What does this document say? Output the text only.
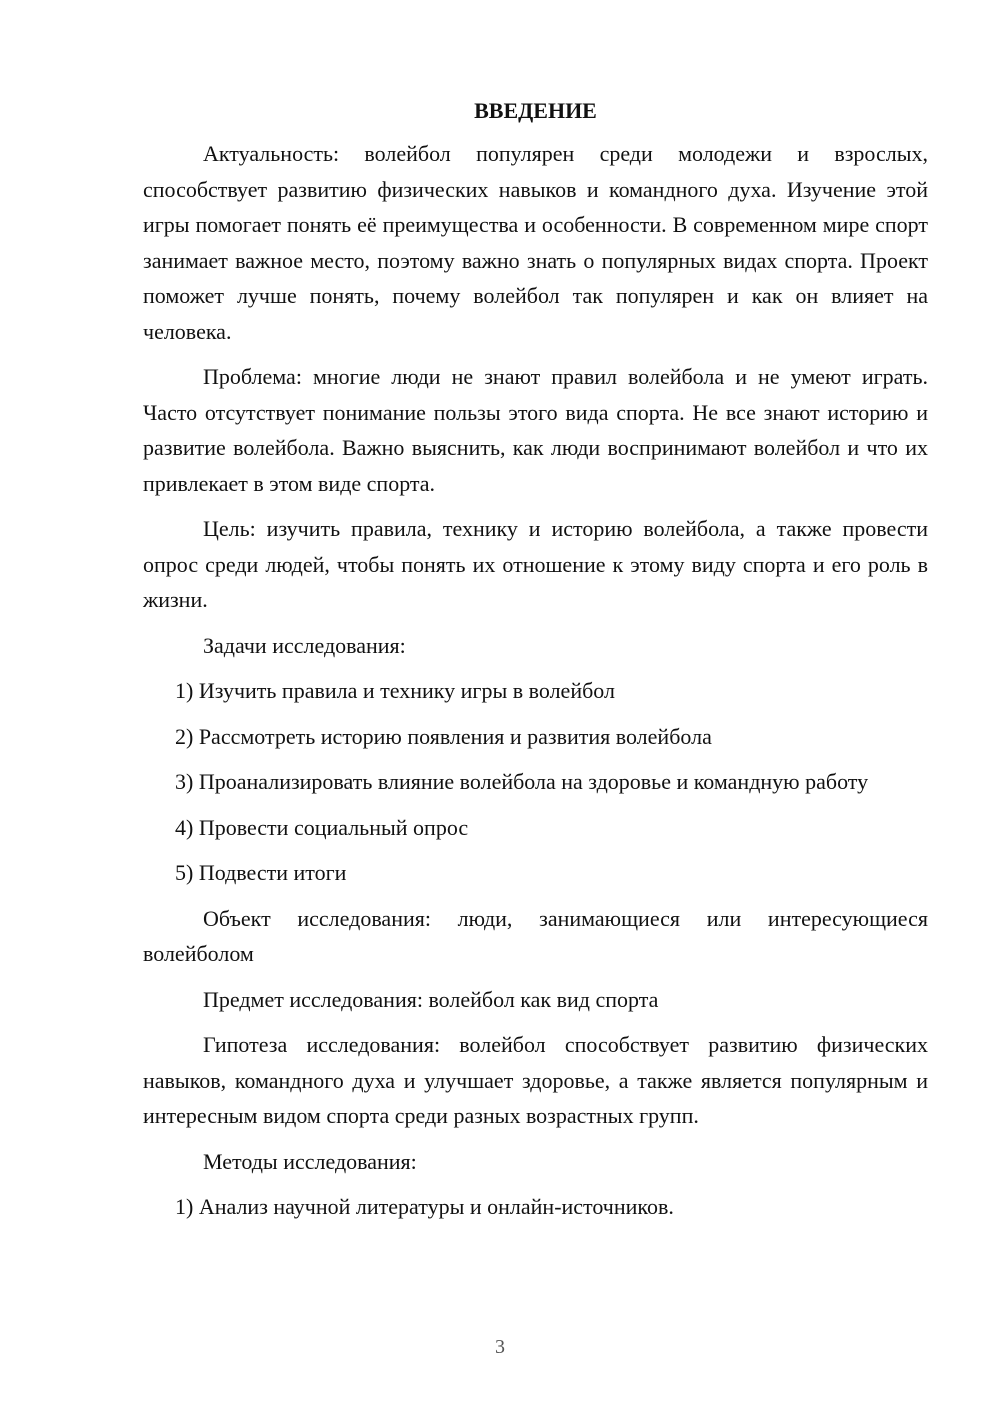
ВВЕДЕНИЕ

Актуальность: волейбол популярен среди молодежи и взрослых, способствует развитию физических навыков и командного духа. Изучение этой игры помогает понять её преимущества и особенности. В современном мире спорт занимает важное место, поэтому важно знать о популярных видах спорта. Проект поможет лучше понять, почему волейбол так популярен и как он влияет на человека.

Проблема: многие люди не знают правил волейбола и не умеют играть. Часто отсутствует понимание пользы этого вида спорта. Не все знают историю и развитие волейбола. Важно выяснить, как люди воспринимают волейбол и что их привлекает в этом виде спорта.

Цель: изучить правила, технику и историю волейбола, а также провести опрос среди людей, чтобы понять их отношение к этому виду спорта и его роль в жизни.

Задачи исследования:

1) Изучить правила и технику игры в волейбол

2) Рассмотреть историю появления и развития волейбола

3) Проанализировать влияние волейбола на здоровье и командную работу

4) Провести социальный опрос

5) Подвести итоги

Объект исследования: люди, занимающиеся или интересующиеся волейболом

Предмет исследования: волейбол как вид спорта

Гипотеза исследования: волейбол способствует развитию физических навыков, командного духа и улучшает здоровье, а также является популярным и интересным видом спорта среди разных возрастных групп.

Методы исследования:

1) Анализ научной литературы и онлайн-источников.

3
